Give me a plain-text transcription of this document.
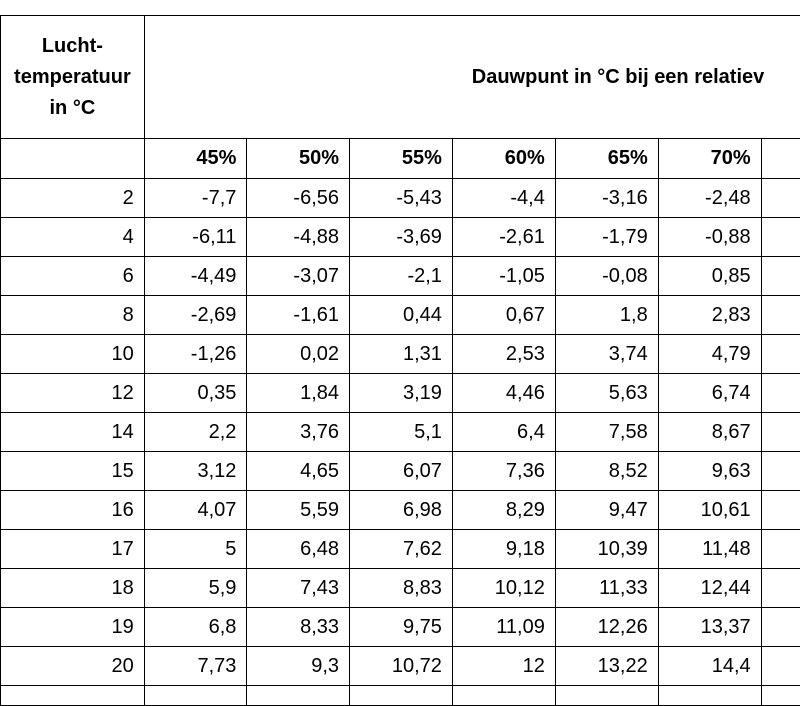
Lucht-
temperatuur
in °C	Dauwpunt in °C bij een relatiev						
	45%	50%	55%	60%	65%	70%	
2	-7,7	-6,56	-5,43	-4,4	-3,16	-2,48	
4	-6,11	-4,88	-3,69	-2,61	-1,79	-0,88	
6	-4,49	-3,07	-2,1	-1,05	-0,08	0,85	
8	-2,69	-1,61	0,44	0,67	1,8	2,83	
10	-1,26	0,02	1,31	2,53	3,74	4,79	
12	0,35	1,84	3,19	4,46	5,63	6,74	
14	2,2	3,76	5,1	6,4	7,58	8,67	
15	3,12	4,65	6,07	7,36	8,52	9,63	
16	4,07	5,59	6,98	8,29	9,47	10,61	
17	5	6,48	7,62	9,18	10,39	11,48	
18	5,9	7,43	8,83	10,12	11,33	12,44	
19	6,8	8,33	9,75	11,09	12,26	13,37	
20	7,73	9,3	10,72	12	13,22	14,4	
